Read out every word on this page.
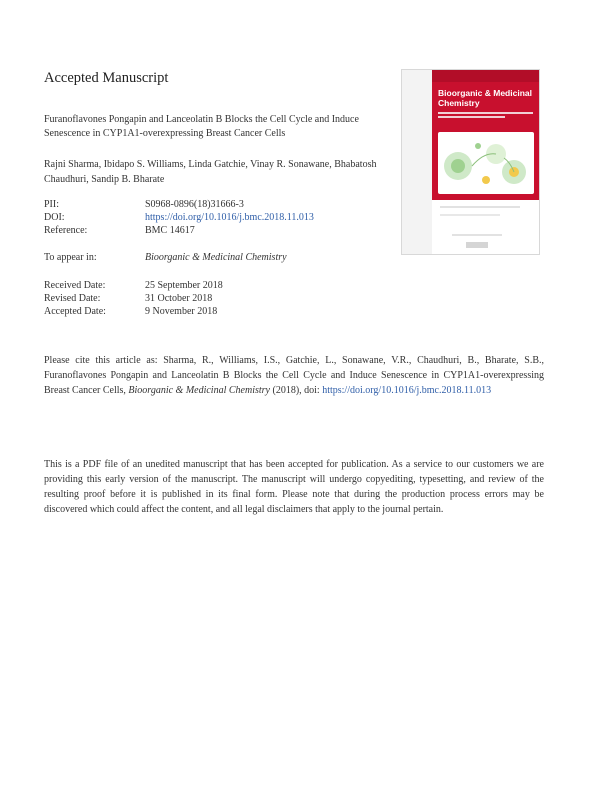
Accepted Manuscript
Furanoflavones Pongapin and Lanceolatin B Blocks the Cell Cycle and Induce Senescence in CYP1A1-overexpressing Breast Cancer Cells
Rajni Sharma, Ibidapo S. Williams, Linda Gatchie, Vinay R. Sonawane, Bhabatosh Chaudhuri, Sandip B. Bharate
PII:	S0968-0896(18)31666-3
DOI:	https://doi.org/10.1016/j.bmc.2018.11.013
Reference:	BMC 14617
To appear in:	Bioorganic & Medicinal Chemistry
Received Date:	25 September 2018
Revised Date:	31 October 2018
Accepted Date:	9 November 2018
Bioorganic & Medicinal Chemistry
Please cite this article as: Sharma, R., Williams, I.S., Gatchie, L., Sonawane, V.R., Chaudhuri, B., Bharate, S.B., Furanoflavones Pongapin and Lanceolatin B Blocks the Cell Cycle and Induce Senescence in CYP1A1-overexpressing Breast Cancer Cells, Bioorganic & Medicinal Chemistry (2018), doi: https://doi.org/10.1016/j.bmc.2018.11.013
This is a PDF file of an unedited manuscript that has been accepted for publication. As a service to our customers we are providing this early version of the manuscript. The manuscript will undergo copyediting, typesetting, and review of the resulting proof before it is published in its final form. Please note that during the production process errors may be discovered which could affect the content, and all legal disclaimers that apply to the journal pertain.
